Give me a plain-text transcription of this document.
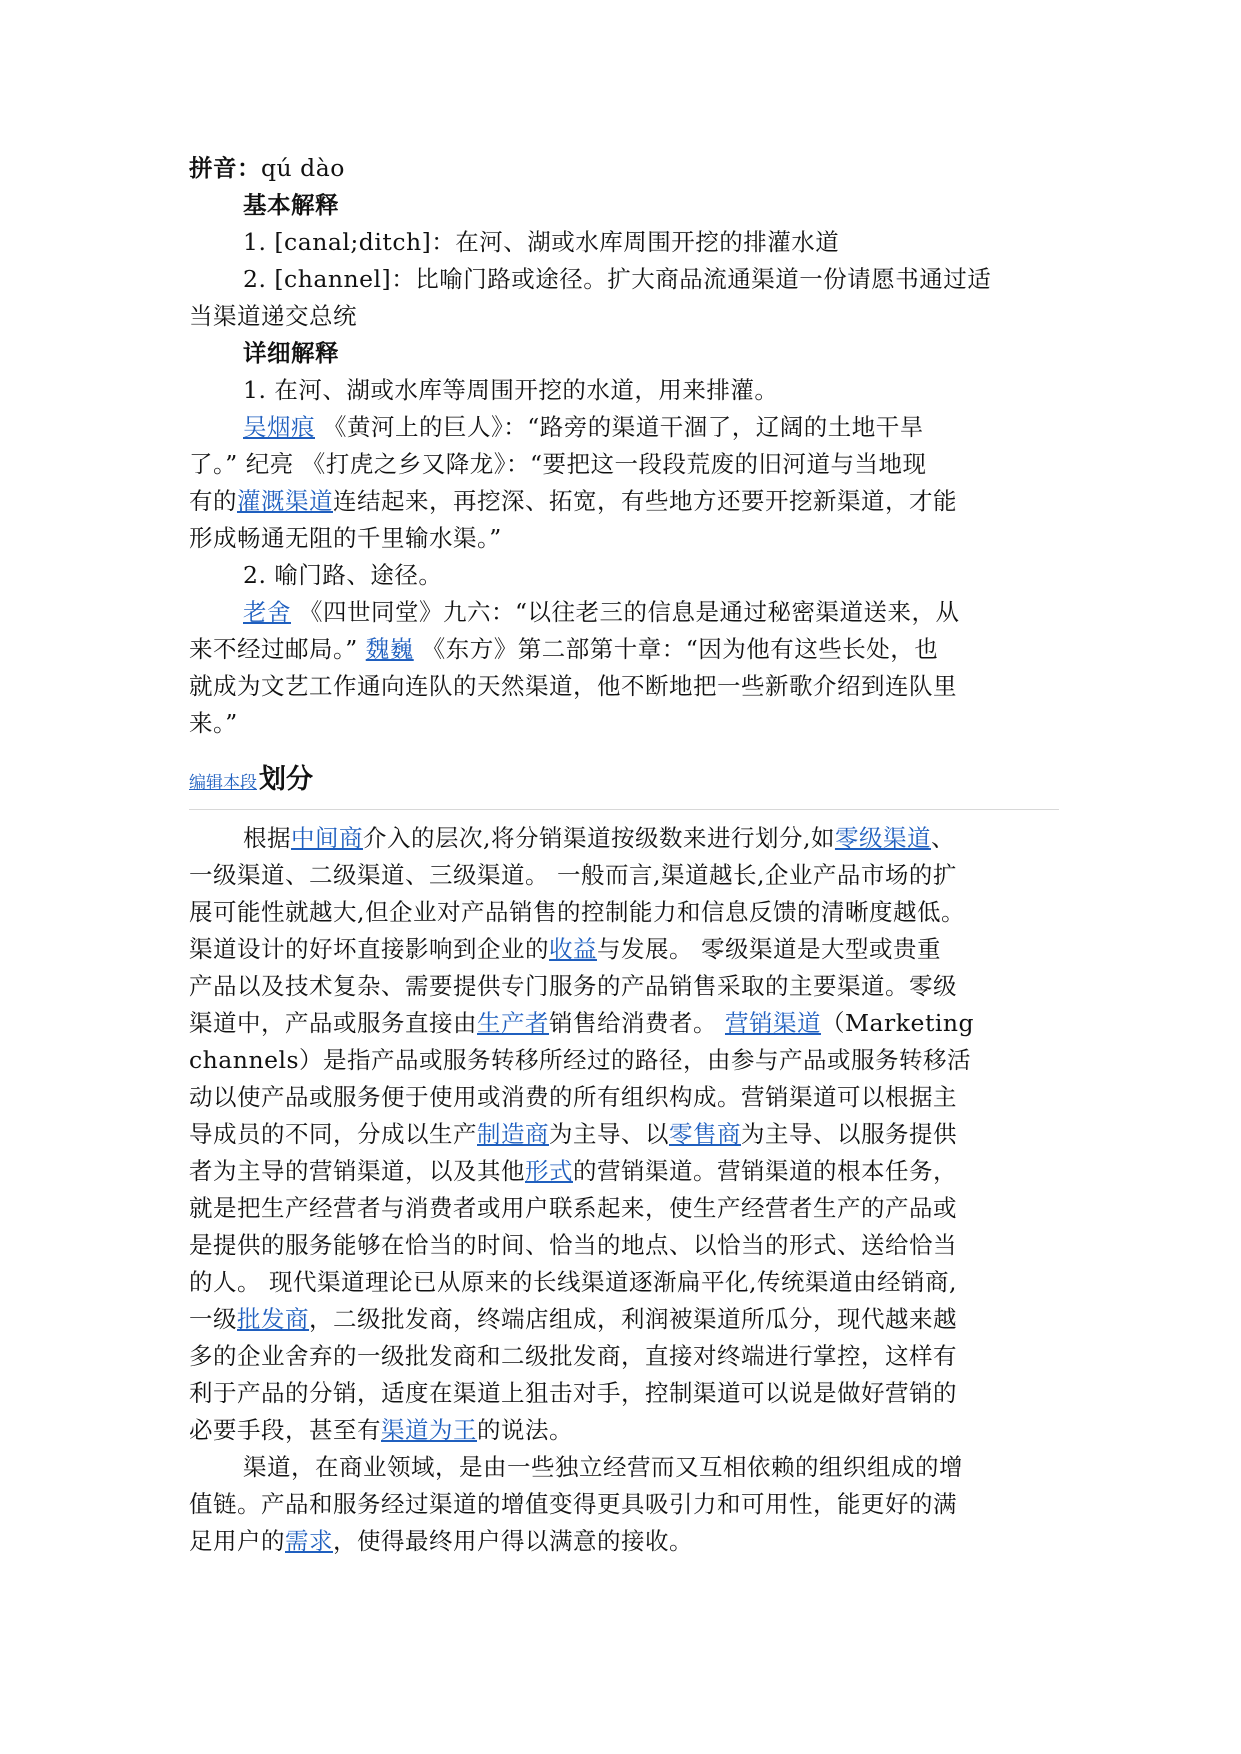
拼音：qú dào
基本解释
1. [canal;ditch]：在河、湖或水库周围开挖的排灌水道
2. [channel]：比喻门路或途径。扩大商品流通渠道一份请愿书通过适
当渠道递交总统
详细解释
1. 在河、湖或水库等周围开挖的水道，用来排灌。
吴烟痕 《黄河上的巨人》：“路旁的渠道干涸了，辽阔的土地干旱
了。” 纪亮 《打虎之乡又降龙》：“要把这一段段荒废的旧河道与当地现
有的灌溉渠道连结起来，再挖深、拓宽，有些地方还要开挖新渠道，才能
形成畅通无阻的千里输水渠。”
2. 喻门路、途径。
老舍 《四世同堂》九六：“以往老三的信息是通过秘密渠道送来，从
来不经过邮局。” 魏巍 《东方》第二部第十章：“因为他有这些长处，也
就成为文艺工作通向连队的天然渠道，他不断地把一些新歌介绍到连队里
来。”
编辑本段划分
根据中间商介入的层次,将分销渠道按级数来进行划分,如零级渠道、
一级渠道、二级渠道、三级渠道。 一般而言,渠道越长,企业产品市场的扩
展可能性就越大,但企业对产品销售的控制能力和信息反馈的清晰度越低。
渠道设计的好坏直接影响到企业的收益与发展。 零级渠道是大型或贵重
产品以及技术复杂、需要提供专门服务的产品销售采取的主要渠道。零级
渠道中，产品或服务直接由生产者销售给消费者。 营销渠道（Marketing
channels）是指产品或服务转移所经过的路径，由参与产品或服务转移活
动以使产品或服务便于使用或消费的所有组织构成。营销渠道可以根据主
导成员的不同，分成以生产制造商为主导、以零售商为主导、以服务提供
者为主导的营销渠道，以及其他形式的营销渠道。营销渠道的根本任务，
就是把生产经营者与消费者或用户联系起来，使生产经营者生产的产品或
是提供的服务能够在恰当的时间、恰当的地点、以恰当的形式、送给恰当
的人。 现代渠道理论已从原来的长线渠道逐渐扁平化,传统渠道由经销商,
一级批发商，二级批发商，终端店组成，利润被渠道所瓜分，现代越来越
多的企业舍弃的一级批发商和二级批发商，直接对终端进行掌控，这样有
利于产品的分销，适度在渠道上狙击对手，控制渠道可以说是做好营销的
必要手段，甚至有渠道为王的说法。
渠道，在商业领域，是由一些独立经营而又互相依赖的组织组成的增
值链。产品和服务经过渠道的增值变得更具吸引力和可用性，能更好的满
足用户的需求，使得最终用户得以满意的接收。
